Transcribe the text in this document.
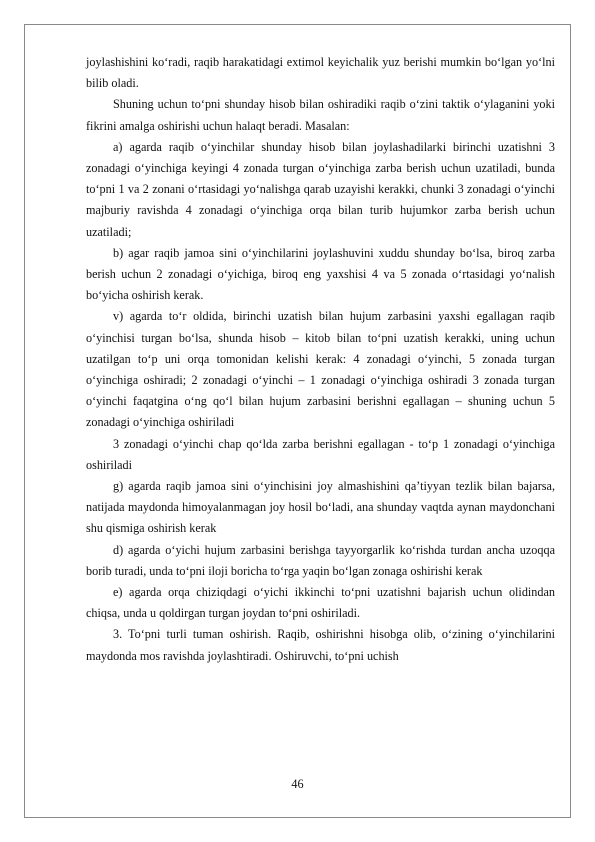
joylashishini ko‘radi, raqib harakatidagi extimol keyichalik yuz berishi mumkin bo‘lgan yo‘lni bilib oladi.

Shuning uchun to‘pni shunday hisob bilan oshiradiki raqib o‘zini taktik o‘ylaganini yoki fikrini amalga oshirishi uchun halaqt beradi. Masalan:

a) agarda raqib o‘yinchilar shunday hisob bilan joylashadilarki birinchi uzatishni 3 zonadagi o‘yinchiga keyingi 4 zonada turgan o‘yinchiga zarba berish uchun uzatiladi, bunda to‘pni 1 va 2 zonani o‘rtasidagi yo‘nalishga qarab uzayishi kerakki, chunki 3 zonadagi o‘yinchi majburiy ravishda 4 zonadagi o‘yinchiga orqa bilan turib hujumkor zarba berish uchun uzatiladi;

b) agar raqib jamoa sini o‘yinchilarini joylashuvini xuddu shunday bo‘lsa, biroq zarba berish uchun 2 zonadagi o‘yichiga, biroq eng yaxshisi 4 va 5 zonada o‘rtasidagi yo‘nalish bo‘yicha oshirish kerak.

v) agarda to‘r oldida, birinchi uzatish bilan hujum zarbasini yaxshi egallagan raqib o‘yinchisi turgan bo‘lsa, shunda hisob – kitob bilan to‘pni uzatish kerakki, uning uchun uzatilgan to‘p uni orqa tomonidan kelishi kerak: 4 zonadagi o‘yinchi, 5 zonada turgan o‘yinchiga oshiradi; 2 zonadagi o‘yinchi – 1 zonadagi o‘yinchiga oshiradi 3 zonada turgan o‘yinchi faqatgina o‘ng qo‘l bilan hujum zarbasini berishni egallagan – shuning uchun 5 zonadagi o‘yinchiga oshiriladi

3 zonadagi o‘yinchi chap qo‘lda zarba berishni egallagan - to‘p 1 zonadagi o‘yinchiga oshiriladi

g) agarda raqib jamoa sini o‘yinchisini joy almashishini qa’tiyyan tezlik bilan bajarsa, natijada maydonda himoyalanmagan joy hosil bo‘ladi, ana shunday vaqtda aynan maydonchani shu qismiga oshirish kerak

d) agarda o‘yichi hujum zarbasini berishga tayyorgarlik ko‘rishda turdan ancha uzoqqa borib turadi, unda to‘pni iloji boricha to‘rga yaqin bo‘lgan zonaga oshirishi kerak

e) agarda orqa chiziqdagi o‘yichi ikkinchi to‘pni uzatishni bajarish uchun olidindan chiqsa, unda u qoldirgan turgan joydan to‘pni oshiriladi.

3. To‘pni turli tuman oshirish. Raqib, oshirishni hisobga olib, o‘zining o‘yinchilarini maydonda mos ravishda joylashtiradi. Oshiruvchi, to‘pni uchish

46
